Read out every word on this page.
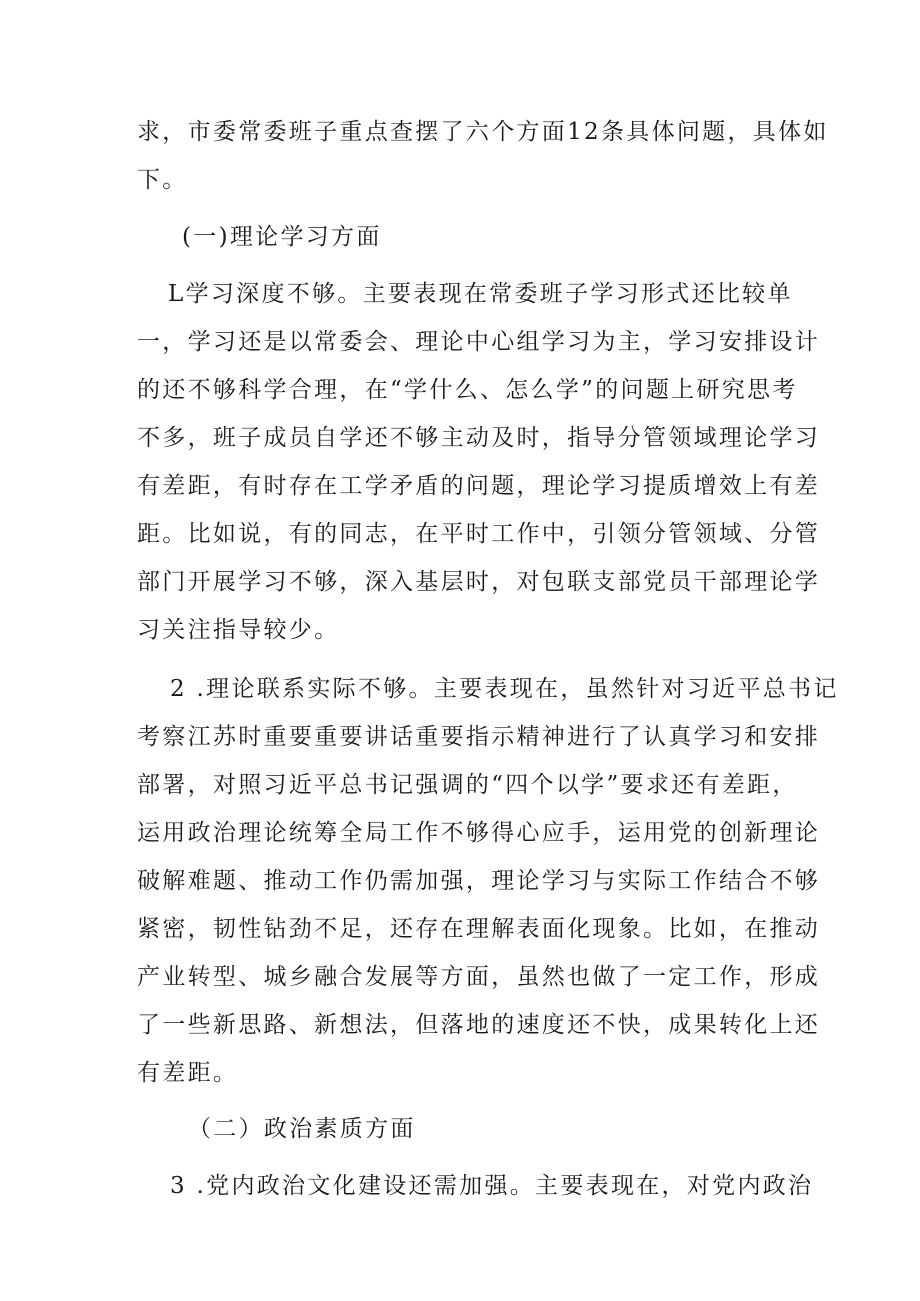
求，市委常委班子重点查摆了六个方面12条具体问题，具体如
下。
(一)理论学习方面
L学习深度不够。主要表现在常委班子学习形式还比较单
一，学习还是以常委会、理论中心组学习为主，学习安排设计
的还不够科学合理，在“学什么、怎么学”的问题上研究思考
不多，班子成员自学还不够主动及时，指导分管领域理论学习
有差距，有时存在工学矛盾的问题，理论学习提质增效上有差
距。比如说，有的同志，在平时工作中，引领分管领域、分管
部门开展学习不够，深入基层时，对包联支部党员干部理论学
习关注指导较少。
2 .理论联系实际不够。主要表现在，虽然针对习近平总书记
考察江苏时重要重要讲话重要指示精神进行了认真学习和安排
部署，对照习近平总书记强调的“四个以学”要求还有差距，
运用政治理论统筹全局工作不够得心应手，运用党的创新理论
破解难题、推动工作仍需加强，理论学习与实际工作结合不够
紧密，韧性钻劲不足，还存在理解表面化现象。比如，在推动
产业转型、城乡融合发展等方面，虽然也做了一定工作，形成
了一些新思路、新想法，但落地的速度还不快，成果转化上还
有差距。
（二）政治素质方面
3 .党内政治文化建设还需加强。主要表现在，对党内政治
